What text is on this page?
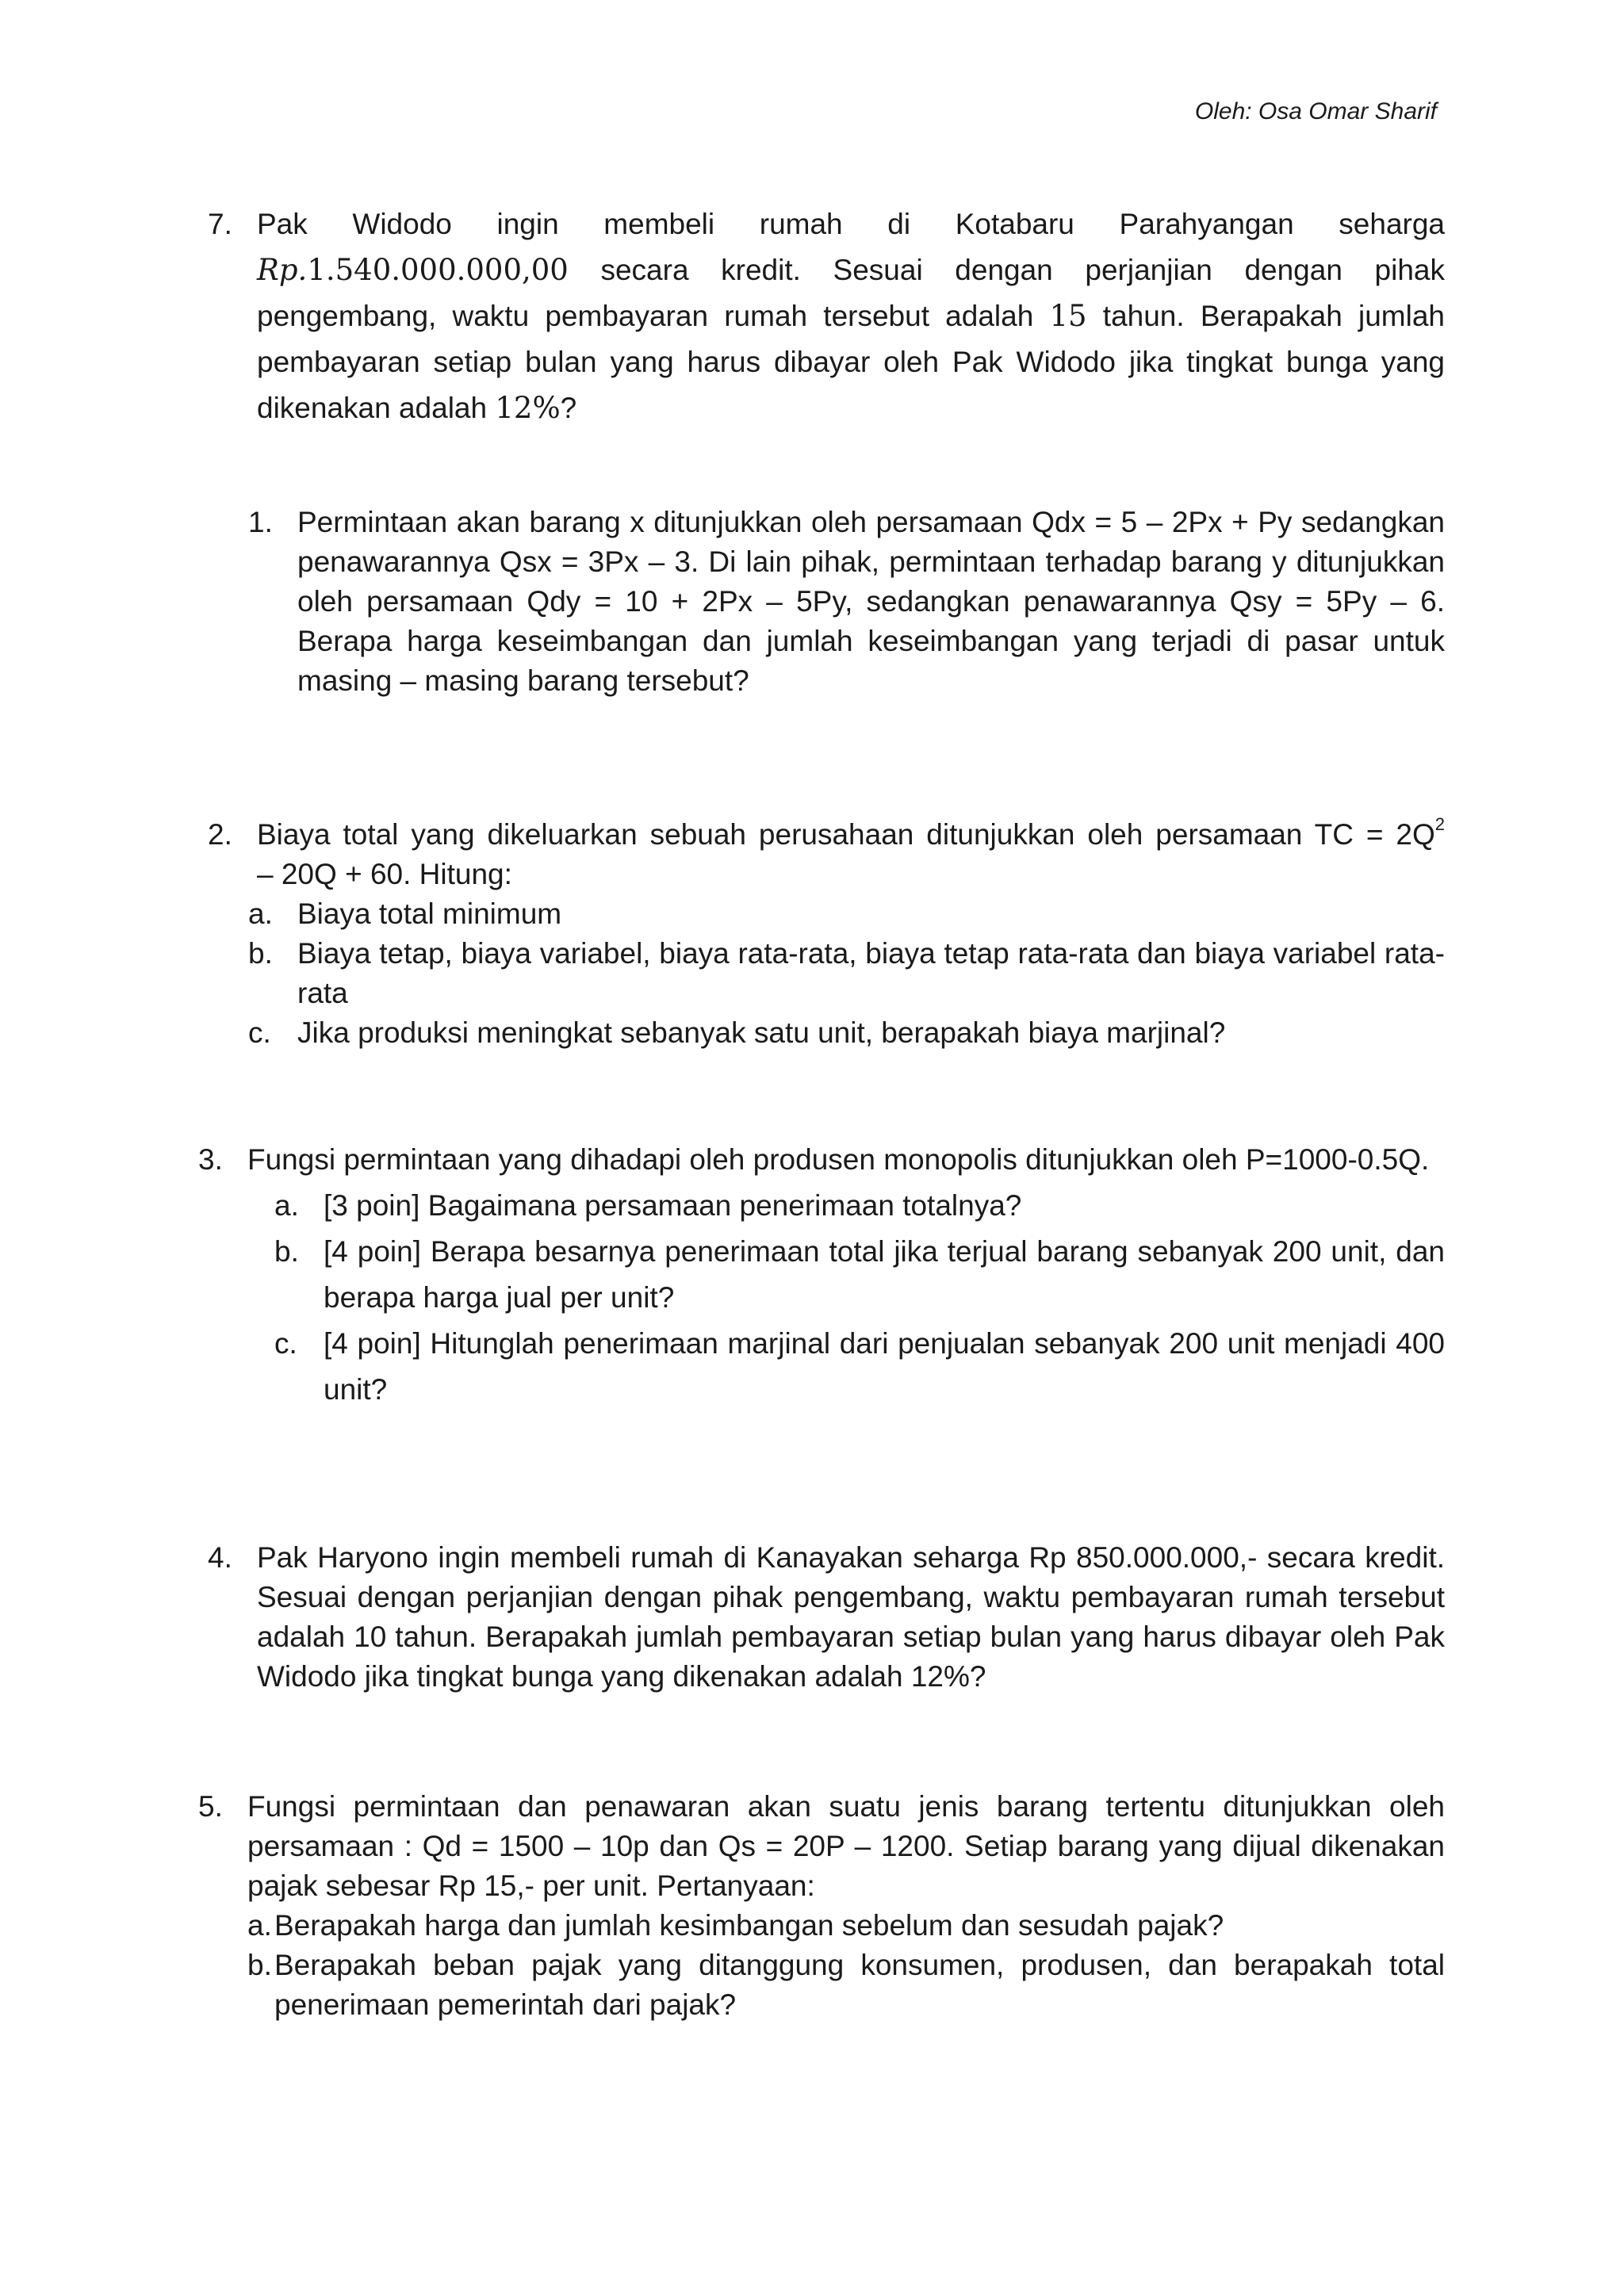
Oleh: Osa Omar Sharif
7. Pak Widodo ingin membeli rumah di Kotabaru Parahyangan seharga
Rp.1.540.000.000,00 secara kredit. Sesuai dengan perjanjian dengan pihak
pengembang, waktu pembayaran rumah tersebut adalah 15 tahun. Berapakah jumlah
pembayaran setiap bulan yang harus dibayar oleh Pak Widodo jika tingkat bunga yang
dikenakan adalah 12%?
1. Permintaan akan barang x ditunjukkan oleh persamaan Qdx = 5 – 2Px + Py sedangkan penawarannya Qsx = 3Px – 3. Di lain pihak, permintaan terhadap barang y ditunjukkan oleh persamaan Qdy = 10 + 2Px – 5Py, sedangkan penawarannya Qsy = 5Py – 6. Berapa harga keseimbangan dan jumlah keseimbangan yang terjadi di pasar untuk masing – masing barang tersebut?
2. Biaya total yang dikeluarkan sebuah perusahaan ditunjukkan oleh persamaan TC = $2Q^2$
– 20Q + 60. Hitung:
a. Biaya total minimum
b. Biaya tetap, biaya variabel, biaya rata-rata, biaya tetap rata-rata dan biaya variabel rata-rata
c. Jika produksi meningkat sebanyak satu unit, berapakah biaya marjinal?
3. Fungsi permintaan yang dihadapi oleh produsen monopolis ditunjukkan oleh P=1000-0.5Q.
a. [3 poin] Bagaimana persamaan penerimaan totalnya?
b. [4 poin] Berapa besarnya penerimaan total jika terjual barang sebanyak 200 unit, dan berapa harga jual per unit?
c. [4 poin] Hitunglah penerimaan marjinal dari penjualan sebanyak 200 unit menjadi 400 unit?
4. Pak Haryono ingin membeli rumah di Kanayakan seharga Rp 850.000.000,- secara kredit. Sesuai dengan perjanjian dengan pihak pengembang, waktu pembayaran rumah tersebut adalah 10 tahun. Berapakah jumlah pembayaran setiap bulan yang harus dibayar oleh Pak Widodo jika tingkat bunga yang dikenakan adalah 12%?
5. Fungsi permintaan dan penawaran akan suatu jenis barang tertentu ditunjukkan oleh persamaan : Qd = 1500 – 10p dan Qs = 20P – 1200. Setiap barang yang dijual dikenakan pajak sebesar Rp 15,- per unit. Pertanyaan:
a. Berapakah harga dan jumlah kesimbangan sebelum dan sesudah pajak?
b. Berapakah beban pajak yang ditanggung konsumen, produsen, dan berapakah total penerimaan pemerintah dari pajak?
